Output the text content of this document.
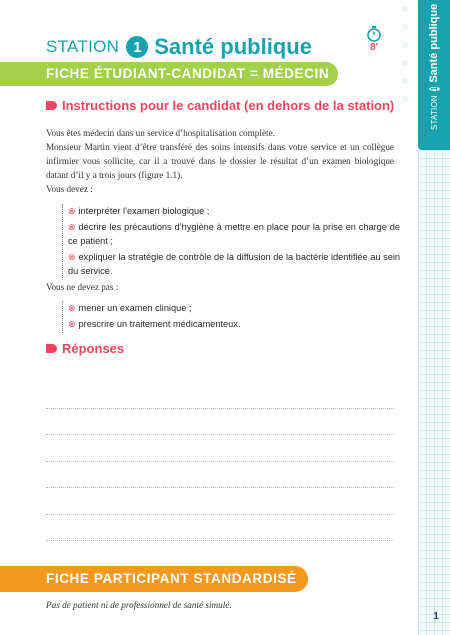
STATION
1
Santé publique
STATION 1 Santé publique	8'
FICHE ÉTUDIANT-CANDIDAT = MÉDECIN
Instructions pour le candidat (en dehors de la station)
Vous êtes médecin dans un service d’hospitalisation complète.
Monsieur Martin vient d’être transféré des soins intensifs dans votre service et un collègue infirmier vous sollicite, car il a trouvé dans le dossier le résultat d’un examen biologique datant d’il y a trois jours (figure 1.1).
Vous devez :
⊗ interpréter l’examen biologique ;
⊗ décrire les précautions d’hygiène à mettre en place pour la prise en charge de ce patient ;
⊗ expliquer la stratégie de contrôle de la diffusion de la bactérie identifiée au sein du service.
Vous ne devez pas :
⊗ mener un examen clinique ;
⊗ prescrire un traitement médicamenteux.
Réponses
FICHE PARTICIPANT STANDARDISÉ
Pas de patient ni de professionnel de santé simulé.
1
